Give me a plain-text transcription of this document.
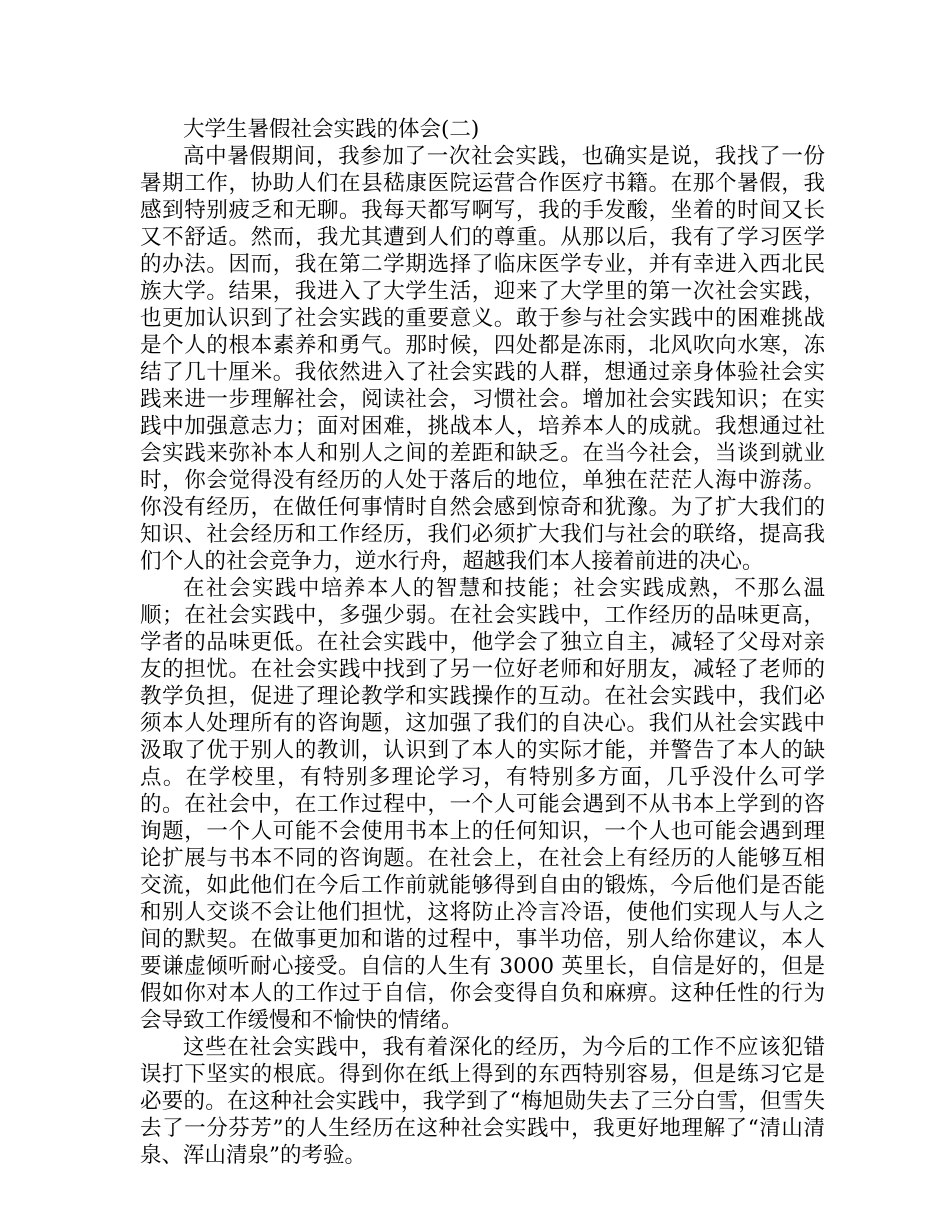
大学生暑假社会实践的体会(二)

高中暑假期间，我参加了一次社会实践，也确实是说，我找了一份暑期工作，协助人们在县嵇康医院运营合作医疗书籍。在那个暑假，我感到特别疲乏和无聊。我每天都写啊写，我的手发酸，坐着的时间又长又不舒适。然而，我尤其遭到人们的尊重。从那以后，我有了学习医学的办法。因而，我在第二学期选择了临床医学专业，并有幸进入西北民族大学。结果，我进入了大学生活，迎来了大学里的第一次社会实践，也更加认识到了社会实践的重要意义。敢于参与社会实践中的困难挑战是个人的根本素养和勇气。那时候，四处都是冻雨，北风吹向水寒，冻结了几十厘米。我依然进入了社会实践的人群，想通过亲身体验社会实践来进一步理解社会，阅读社会，习惯社会。增加社会实践知识；在实践中加强意志力；面对困难，挑战本人，培养本人的成就。我想通过社会实践来弥补本人和别人之间的差距和缺乏。在当今社会，当谈到就业时，你会觉得没有经历的人处于落后的地位，单独在茫茫人海中游荡。你没有经历，在做任何事情时自然会感到惊奇和犹豫。为了扩大我们的知识、社会经历和工作经历，我们必须扩大我们与社会的联络，提高我们个人的社会竞争力，逆水行舟，超越我们本人接着前进的决心。

在社会实践中培养本人的智慧和技能；社会实践成熟，不那么温顺；在社会实践中，多强少弱。在社会实践中，工作经历的品味更高，学者的品味更低。在社会实践中，他学会了独立自主，减轻了父母对亲友的担忧。在社会实践中找到了另一位好老师和好朋友，减轻了老师的教学负担，促进了理论教学和实践操作的互动。在社会实践中，我们必须本人处理所有的咨询题，这加强了我们的自决心。我们从社会实践中汲取了优于别人的教训，认识到了本人的实际才能，并警告了本人的缺点。在学校里，有特别多理论学习，有特别多方面，几乎没什么可学的。在社会中，在工作过程中，一个人可能会遇到不从书本上学到的咨询题，一个人可能不会使用书本上的任何知识，一个人也可能会遇到理论扩展与书本不同的咨询题。在社会上，在社会上有经历的人能够互相交流，如此他们在今后工作前就能够得到自由的锻炼，今后他们是否能和别人交谈不会让他们担忧，这将防止冷言冷语，使他们实现人与人之间的默契。在做事更加和谐的过程中，事半功倍，别人给你建议，本人要谦虚倾听耐心接受。自信的人生有 3000 英里长，自信是好的，但是假如你对本人的工作过于自信，你会变得自负和麻痹。这种任性的行为会导致工作缓慢和不愉快的情绪。

这些在社会实践中，我有着深化的经历，为今后的工作不应该犯错误打下坚实的根底。得到你在纸上得到的东西特别容易，但是练习它是必要的。在这种社会实践中，我学到了“梅旭勋失去了三分白雪，但雪失去了一分芬芳”的人生经历在这种社会实践中，我更好地理解了“清山清泉、浑山清泉”的考验。
